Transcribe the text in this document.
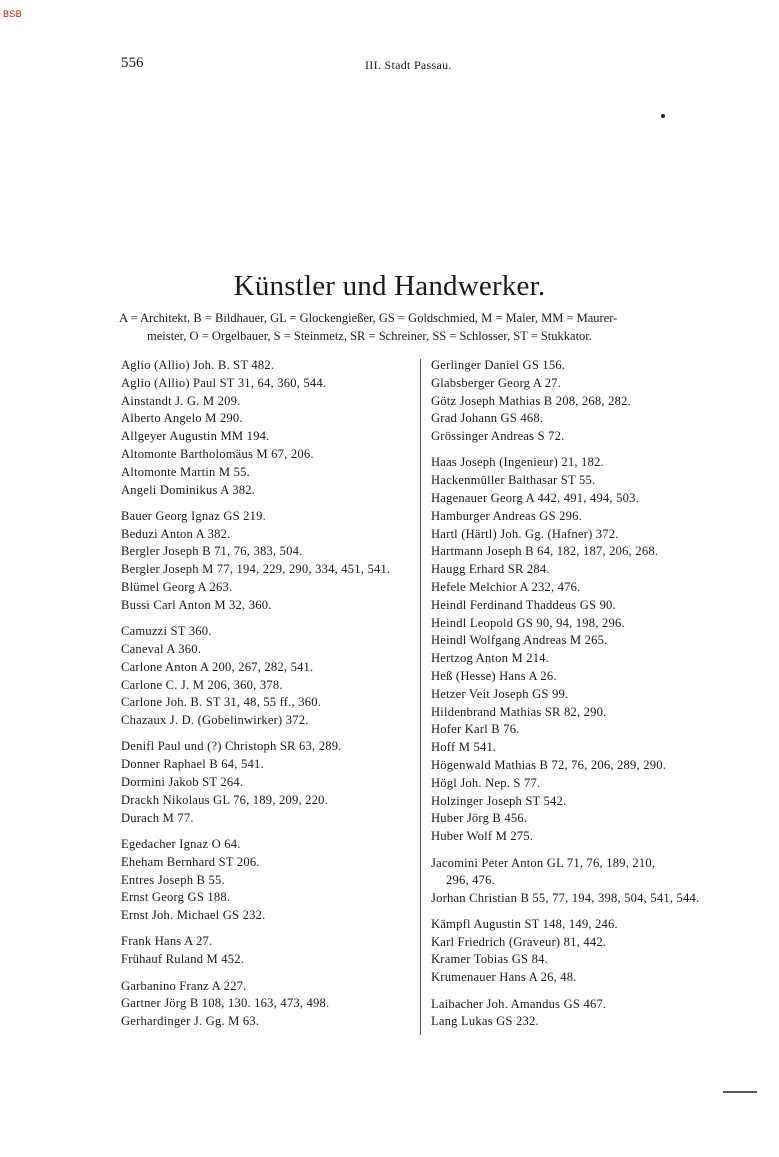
BSB
556	III. Stadt Passau.
Künstler und Handwerker.
A = Architekt, B = Bildhauer, GL = Glockengießer, GS = Goldschmied, M = Maler, MM = Maurer-
meister, O = Orgelbauer, S = Steinmetz, SR = Schreiner, SS = Schlosser, ST = Stukkator.
Aglio (Allio) Joh. B. ST 482.
Aglio (Allio) Paul ST 31, 64, 360, 544.
Ainstandt J. G. M 209.
Alberto Angelo M 290.
Allgeyer Augustin MM 194.
Altomonte Bartholomäus M 67, 206.
Altomonte Martin M 55.
Angeli Dominikus A 382.
Bauer Georg Ignaz GS 219.
Beduzi Anton A 382.
Bergler Joseph B 71, 76, 383, 504.
Bergler Joseph M 77, 194, 229, 290, 334, 451, 541.
Blümel Georg A 263.
Bussi Carl Anton M 32, 360.
Camuzzi ST 360.
Caneval A 360.
Carlone Anton A 200, 267, 282, 541.
Carlone C. J. M 206, 360, 378.
Carlone Joh. B. ST 31, 48, 55 ff., 360.
Chazaux J. D. (Gobelinwirker) 372.
Denifl Paul und (?) Christoph SR 63, 289.
Donner Raphael B 64, 541.
Dormini Jakob ST 264.
Drackh Nikolaus GL 76, 189, 209, 220.
Durach M 77.
Egedacher Ignaz O 64.
Eheham Bernhard ST 206.
Entres Joseph B 55.
Ernst Georg GS 188.
Ernst Joh. Michael GS 232.
Frank Hans A 27.
Frühauf Ruland M 452.
Garbanino Franz A 227.
Gartner Jörg B 108, 130. 163, 473, 498.
Gerhardinger J. Gg. M 63.
Gerlinger Daniel GS 156.
Glabsberger Georg A 27.
Götz Joseph Mathias B 208, 268, 282.
Grad Johann GS 468.
Grössinger Andreas S 72.
Haas Joseph (Ingenieur) 21, 182.
Hackenmüller Balthasar ST 55.
Hagenauer Georg A 442, 491, 494, 503.
Hamburger Andreas GS 296.
Hartl (Härtl) Joh. Gg. (Hafner) 372.
Hartmann Joseph B 64, 182, 187, 206, 268.
Haugg Erhard SR 284.
Hefele Melchior A 232, 476.
Heindl Ferdinand Thaddeus GS 90.
Heindl Leopold GS 90, 94, 198, 296.
Heindl Wolfgang Andreas M 265.
Hertzog Anton M 214.
Heß (Hesse) Hans A 26.
Hetzer Veit Joseph GS 99.
Hildenbrand Mathias SR 82, 290.
Hofer Karl B 76.
Hoff M 541.
Högenwald Mathias B 72, 76, 206, 289, 290.
Högl Joh. Nep. S 77.
Holzinger Joseph ST 542.
Huber Jörg B 456.
Huber Wolf M 275.
Jacomini Peter Anton GL 71, 76, 189, 210,
296, 476.
Jorhan Christian B 55, 77, 194, 398, 504, 541, 544.
Kämpfl Augustin ST 148, 149, 246.
Karl Friedrich (Graveur) 81, 442.
Kramer Tobias GS 84.
Krumenauer Hans A 26, 48.
Laibacher Joh. Amandus GS 467.
Lang Lukas GS 232.
